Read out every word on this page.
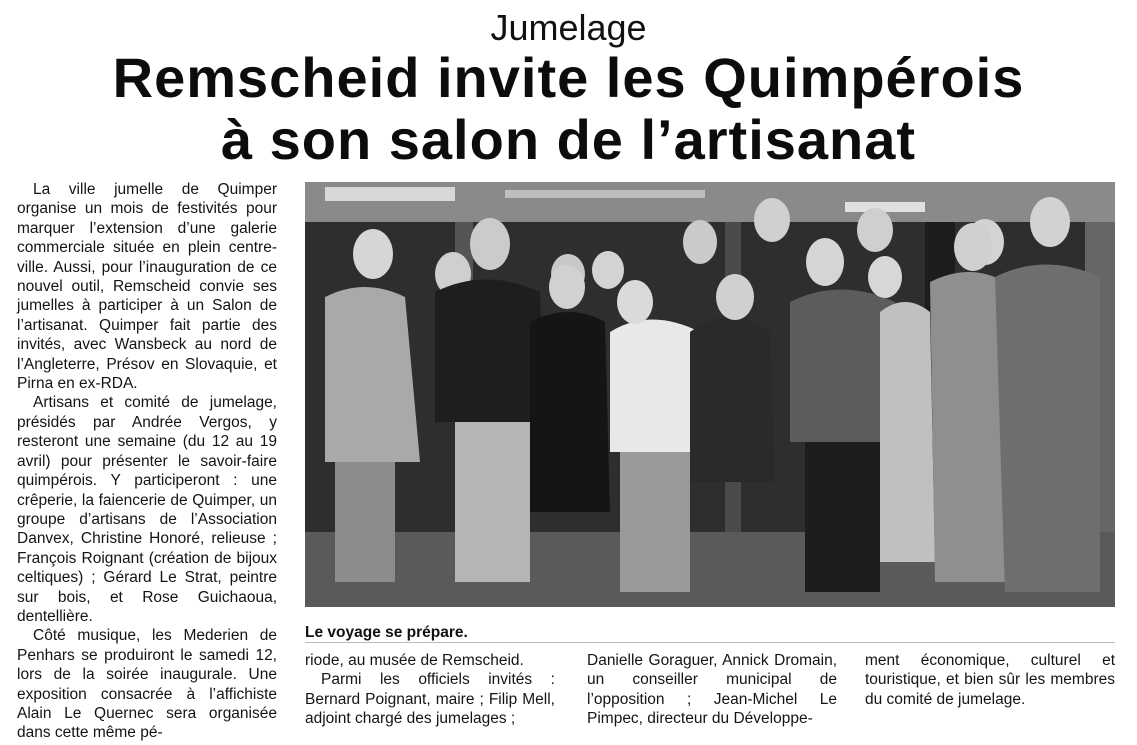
Jumelage
Remscheid invite les Quimpérois
à son salon de l’artisanat

La ville jumelle de Quimper organise un mois de festivités pour marquer l’extension d’une galerie commerciale située en plein centre-ville. Aussi, pour l’inauguration de ce nouvel outil, Remscheid convie ses jumelles à participer à un Salon de l’artisanat. Quimper fait partie des invités, avec Wansbeck au nord de l’Angleterre, Présov en Slovaquie, et Pirna en ex-RDA.

Artisans et comité de jumelage, présidés par Andrée Vergos, y resteront une semaine (du 12 au 19 avril) pour présenter le savoir-faire quimpérois. Y participeront : une crêperie, la faiencerie de Quimper, un groupe d’artisans de l’Association Danvex, Christine Honoré, relieuse ; François Roignant (création de bijoux celtiques) ; Gérard Le Strat, peintre sur bois, et Rose Guichaoua, dentellière.

Côté musique, les Mederien de Penhars se produiront le samedi 12, lors de la soirée inaugurale. Une exposition consacrée à l’affichiste Alain Le Quernec sera organisée dans cette même pé-

Le voyage se prépare.

riode, au musée de Remscheid.

Parmi les officiels invités : Bernard Poignant, maire ; Filip Mell, adjoint chargé des jumelages ;

Danielle Goraguer, Annick Dromain, un conseiller municipal de l’opposition ; Jean-Michel Le Pimpec, directeur du Développe-

ment économique, culturel et touristique, et bien sûr les membres du comité de jumelage.
